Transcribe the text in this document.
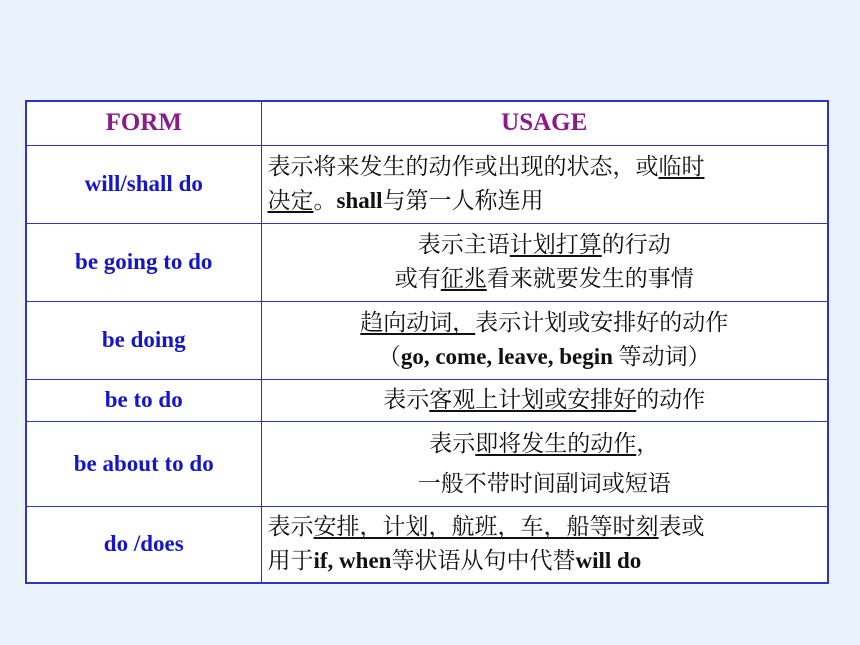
FORM	USAGE
will/shall do	表示将来发生的动作或出现的状态，或临时
决定。shall与第一人称连用

be going to do	表示主语计划打算的行动
或有征兆看来就要发生的事情

be doing	趋向动词，表示计划或安排好的动作
（go, come, leave, begin 等动词）

be to do	表示客观上计划或安排好的动作

be about to do	表示即将发生的动作，
一般不带时间副词或短语

do /does	表示安排，计划，航班，车，船等时刻表或
用于if, when等状语从句中代替will do
